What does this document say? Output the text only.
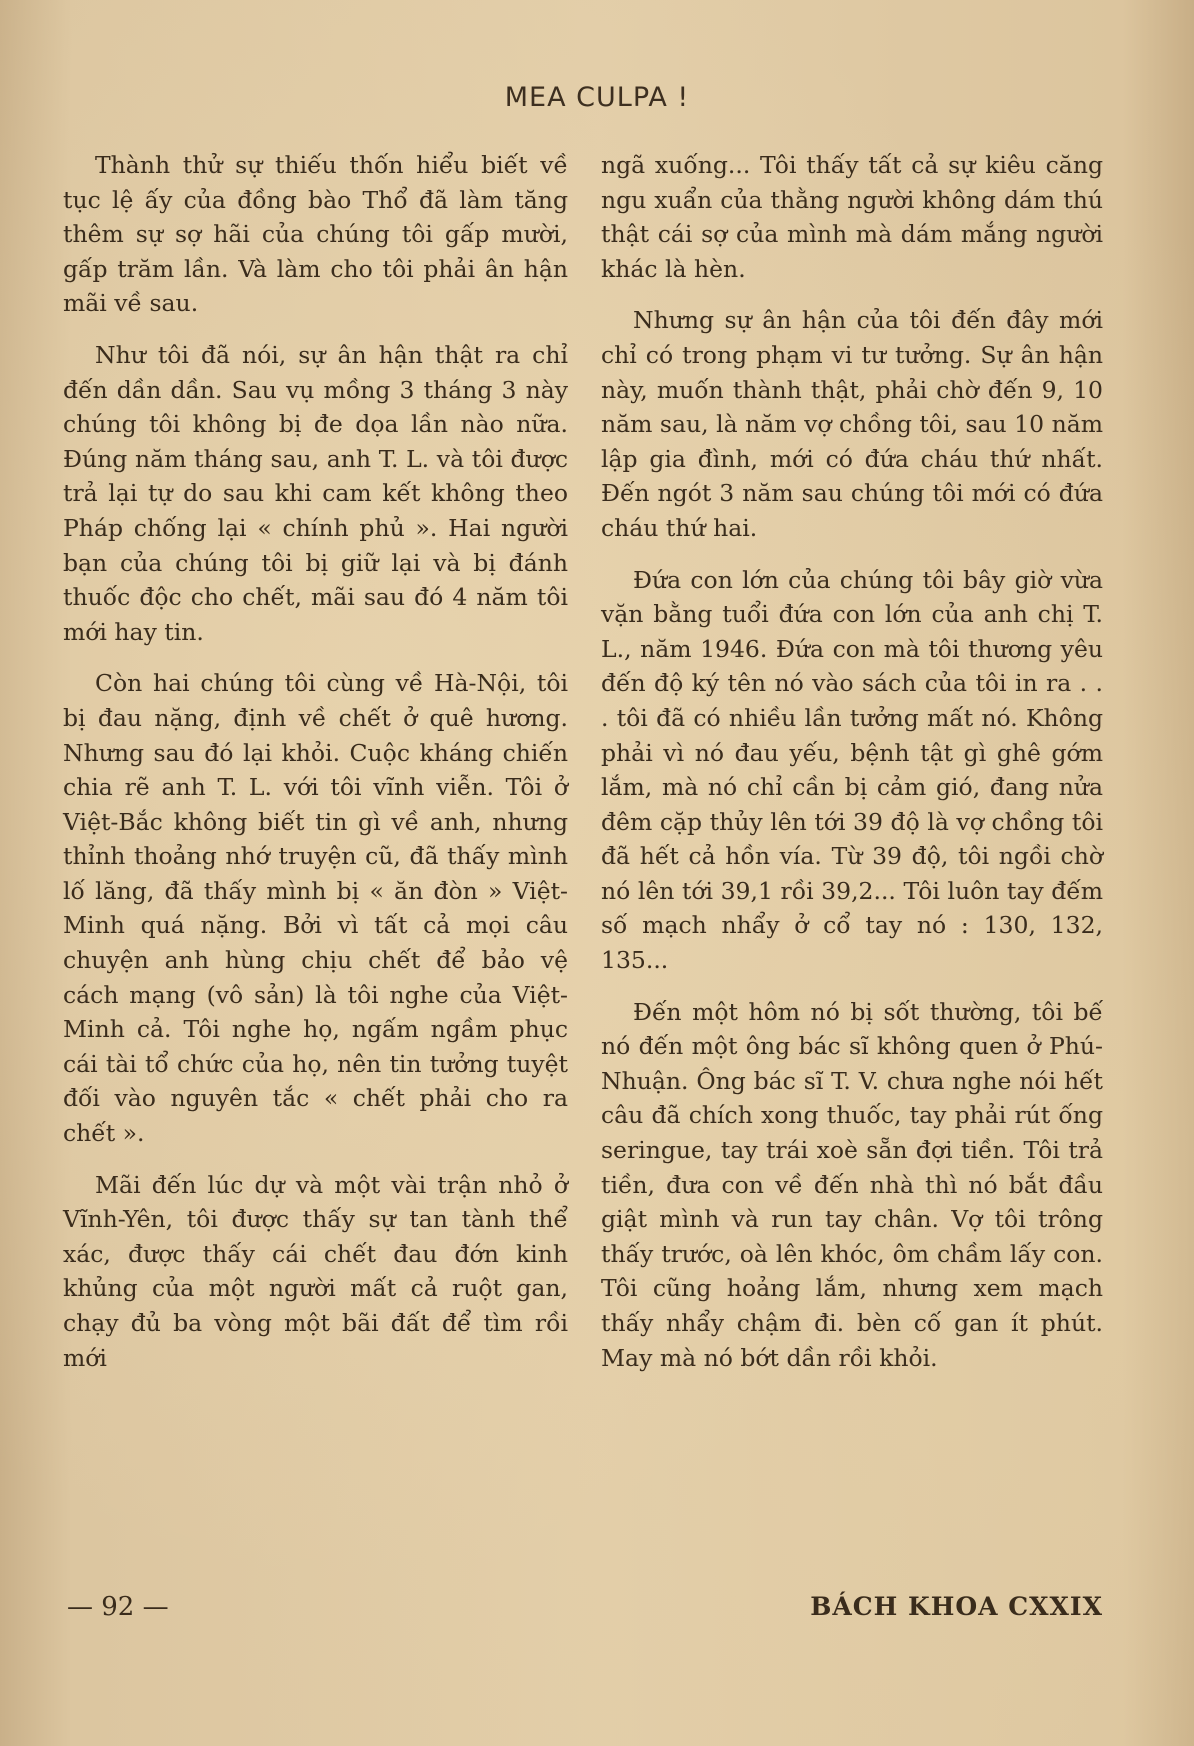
MEA CULPA !

Thành thử sự thiếu thốn hiểu biết về tục lệ ấy của đồng bào Thổ đã làm tăng thêm sự sợ hãi của chúng tôi gấp mười, gấp trăm lần. Và làm cho tôi phải ân hận mãi về sau.

Như tôi đã nói, sự ân hận thật ra chỉ đến dần dần. Sau vụ mồng 3 tháng 3 này chúng tôi không bị đe dọa lần nào nữa. Đúng năm tháng sau, anh T. L. và tôi được trả lại tự do sau khi cam kết không theo Pháp chống lại « chính phủ ». Hai người bạn của chúng tôi bị giữ lại và bị đánh thuốc độc cho chết, mãi sau đó 4 năm tôi mới hay tin.

Còn hai chúng tôi cùng về Hà-Nội, tôi bị đau nặng, định về chết ở quê hương. Nhưng sau đó lại khỏi. Cuộc kháng chiến chia rẽ anh T. L. với tôi vĩnh viễn. Tôi ở Việt-Bắc không biết tin gì về anh, nhưng thỉnh thoảng nhớ truyện cũ, đã thấy mình lố lăng, đã thấy mình bị « ăn đòn » Việt-Minh quá nặng. Bởi vì tất cả mọi câu chuyện anh hùng chịu chết để bảo vệ cách mạng (vô sản) là tôi nghe của Việt-Minh cả. Tôi nghe họ, ngấm ngầm phục cái tài tổ chức của họ, nên tin tưởng tuyệt đối vào nguyên tắc « chết phải cho ra chết ».

Mãi đến lúc dự và một vài trận nhỏ ở Vĩnh-Yên, tôi được thấy sự tan tành thể xác, được thấy cái chết đau đớn kinh khủng của một người mất cả ruột gan, chạy đủ ba vòng một bãi đất để tìm rồi mới

ngã xuống... Tôi thấy tất cả sự kiêu căng ngu xuẩn của thằng người không dám thú thật cái sợ của mình mà dám mắng người khác là hèn.

Nhưng sự ân hận của tôi đến đây mới chỉ có trong phạm vi tư tưởng. Sự ân hận này, muốn thành thật, phải chờ đến 9, 10 năm sau, là năm vợ chồng tôi, sau 10 năm lập gia đình, mới có đứa cháu thứ nhất. Đến ngót 3 năm sau chúng tôi mới có đứa cháu thứ hai.

Đứa con lớn của chúng tôi bây giờ vừa vặn bằng tuổi đứa con lớn của anh chị T. L., năm 1946. Đứa con mà tôi thương yêu đến độ ký tên nó vào sách của tôi in ra . . . tôi đã có nhiều lần tưởng mất nó. Không phải vì nó đau yếu, bệnh tật gì ghê gớm lắm, mà nó chỉ cần bị cảm gió, đang nửa đêm cặp thủy lên tới 39 độ là vợ chồng tôi đã hết cả hồn vía. Từ 39 độ, tôi ngồi chờ nó lên tới 39,1 rồi 39,2... Tôi luôn tay đếm số mạch nhẩy ở cổ tay nó : 130, 132, 135...

Đến một hôm nó bị sốt thường, tôi bế nó đến một ông bác sĩ không quen ở Phú-Nhuận. Ông bác sĩ T. V. chưa nghe nói hết câu đã chích xong thuốc, tay phải rút ống seringue, tay trái xoè sẵn đợi tiền. Tôi trả tiền, đưa con về đến nhà thì nó bắt đầu giật mình và run tay chân. Vợ tôi trông thấy trước, oà lên khóc, ôm chầm lấy con. Tôi cũng hoảng lắm, nhưng xem mạch thấy nhẩy chậm đi. bèn cố gan ít phút. May mà nó bớt dần rồi khỏi.

— 92 —	BÁCH KHOA CXXIX
